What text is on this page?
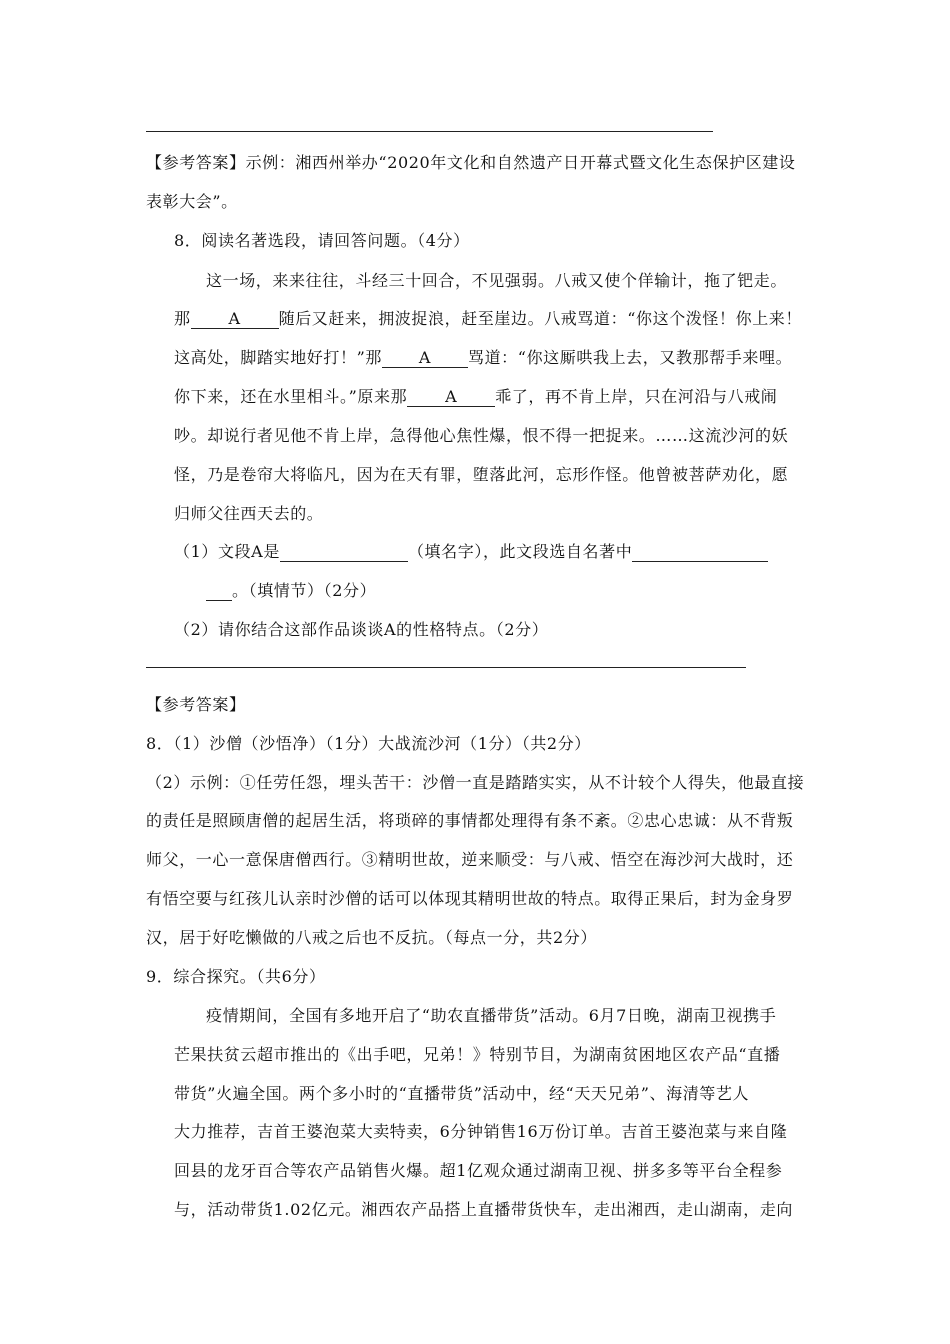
【参考答案】示例：湘西州举办“2020年文化和自然遗产日开幕式暨文化生态保护区建设
表彰大会”。
8．阅读名著选段，请回答问题。（4分）
这一场，来来往往，斗经三十回合，不见强弱。八戒又使个佯输计，拖了钯走。
那 A 随后又赶来，拥波捉浪，赶至崖边。八戒骂道：“你这个泼怪！你上来！
这高处，脚踏实地好打！”那 A 骂道：“你这厮哄我上去，又教那帮手来哩。
你下来，还在水里相斗。”原来那 A 乖了，再不肯上岸，只在河沿与八戒闹
吵。却说行者见他不肯上岸，急得他心焦性爆，恨不得一把捉来。……这流沙河的妖
怪，乃是卷帘大将临凡，因为在天有罪，堕落此河，忘形作怪。他曾被菩萨劝化，愿
归师父往西天去的。
（1）文段A是	（填名字），此文段选自名著中
。（填情节）（2分）
（2）请你结合这部作品谈谈A的性格特点。（2分）
【参考答案】
8．（1）沙僧（沙悟净）（1分）大战流沙河（1分）（共2分）
（2）示例：①任劳任怨，埋头苦干：沙僧一直是踏踏实实，从不计较个人得失，他最直接
的责任是照顾唐僧的起居生活，将琐碎的事情都处理得有条不紊。②忠心忠诚：从不背叛
师父，一心一意保唐僧西行。③精明世故，逆来顺受：与八戒、悟空在海沙河大战时，还
有悟空要与红孩儿认亲时沙僧的话可以体现其精明世故的特点。取得正果后，封为金身罗
汉，居于好吃懒做的八戒之后也不反抗。（每点一分，共2分）
9．综合探究。（共6分）
疫情期间，全国有多地开启了“助农直播带货”活动。6月7日晚，湖南卫视携手
芒果扶贫云超市推出的《出手吧，兄弟！》特别节目，为湖南贫困地区农产品“直播
带货”火遍全国。两个多小时的“直播带货”活动中，经“天天兄弟”、海清等艺人
大力推荐，吉首王婆泡菜大卖特卖，6分钟销售16万份订单。吉首王婆泡菜与来自隆
回县的龙牙百合等农产品销售火爆。超1亿观众通过湖南卫视、拼多多等平台全程参
与，活动带货1.02亿元。湘西农产品搭上直播带货快车，走出湘西，走山湖南，走向
